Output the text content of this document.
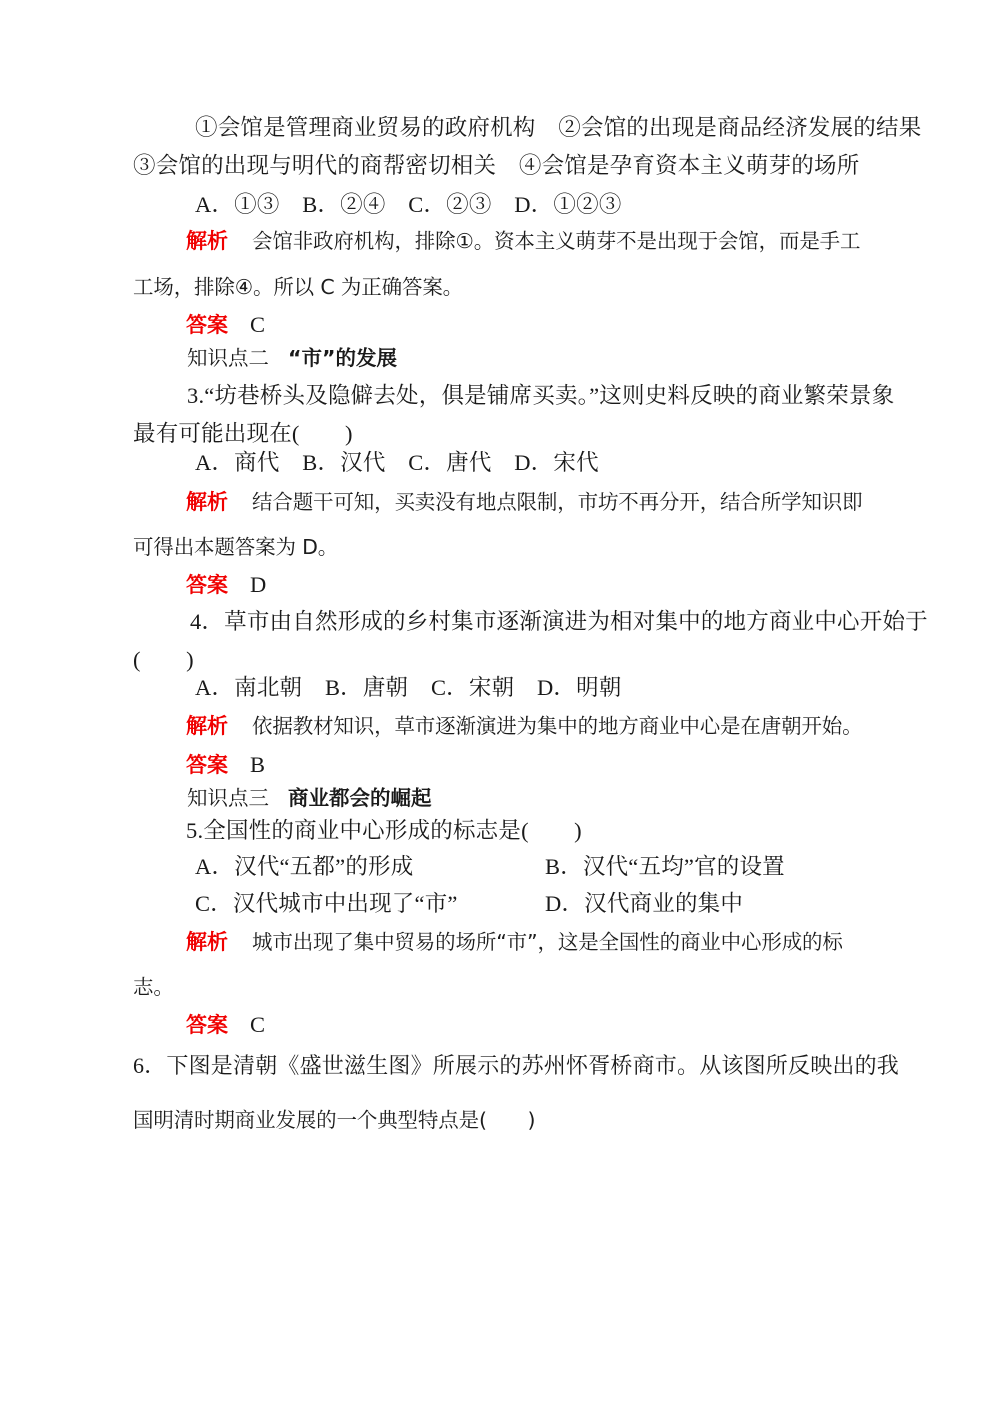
①会馆是管理商业贸易的政府机构　②会馆的出现是商品经济发展的结果
③会馆的出现与明代的商帮密切相关　④会馆是孕育资本主义萌芽的场所
A．①③　B．②④　C．②③　D．①②③
解析 会馆非政府机构，排除①。资本主义萌芽不是出现于会馆，而是手工
工场，排除④。所以 C 为正确答案。
答案 C
知识点二 “市”的发展
3.“坊巷桥头及隐僻去处，俱是铺席买卖。”这则史料反映的商业繁荣景象
最有可能出现在(　　)
A．商代　B．汉代　C．唐代　D．宋代
解析 结合题干可知，买卖没有地点限制，市坊不再分开，结合所学知识即
可得出本题答案为 D。
答案 D
4．草市由自然形成的乡村集市逐渐演进为相对集中的地方商业中心开始于
(　　)
A．南北朝　B．唐朝　C．宋朝　D．明朝
解析 依据教材知识，草市逐渐演进为集中的地方商业中心是在唐朝开始。
答案 B
知识点三 商业都会的崛起
5.全国性的商业中心形成的标志是(　　)
A．汉代“五都”的形成	B．汉代“五均”官的设置
C．汉代城市中出现了“市”	D．汉代商业的集中
解析 城市出现了集中贸易的场所“市”，这是全国性的商业中心形成的标
志。
答案 C
6．下图是清朝《盛世滋生图》所展示的苏州怀胥桥商市。从该图所反映出的我
国明清时期商业发展的一个典型特点是(　　)
